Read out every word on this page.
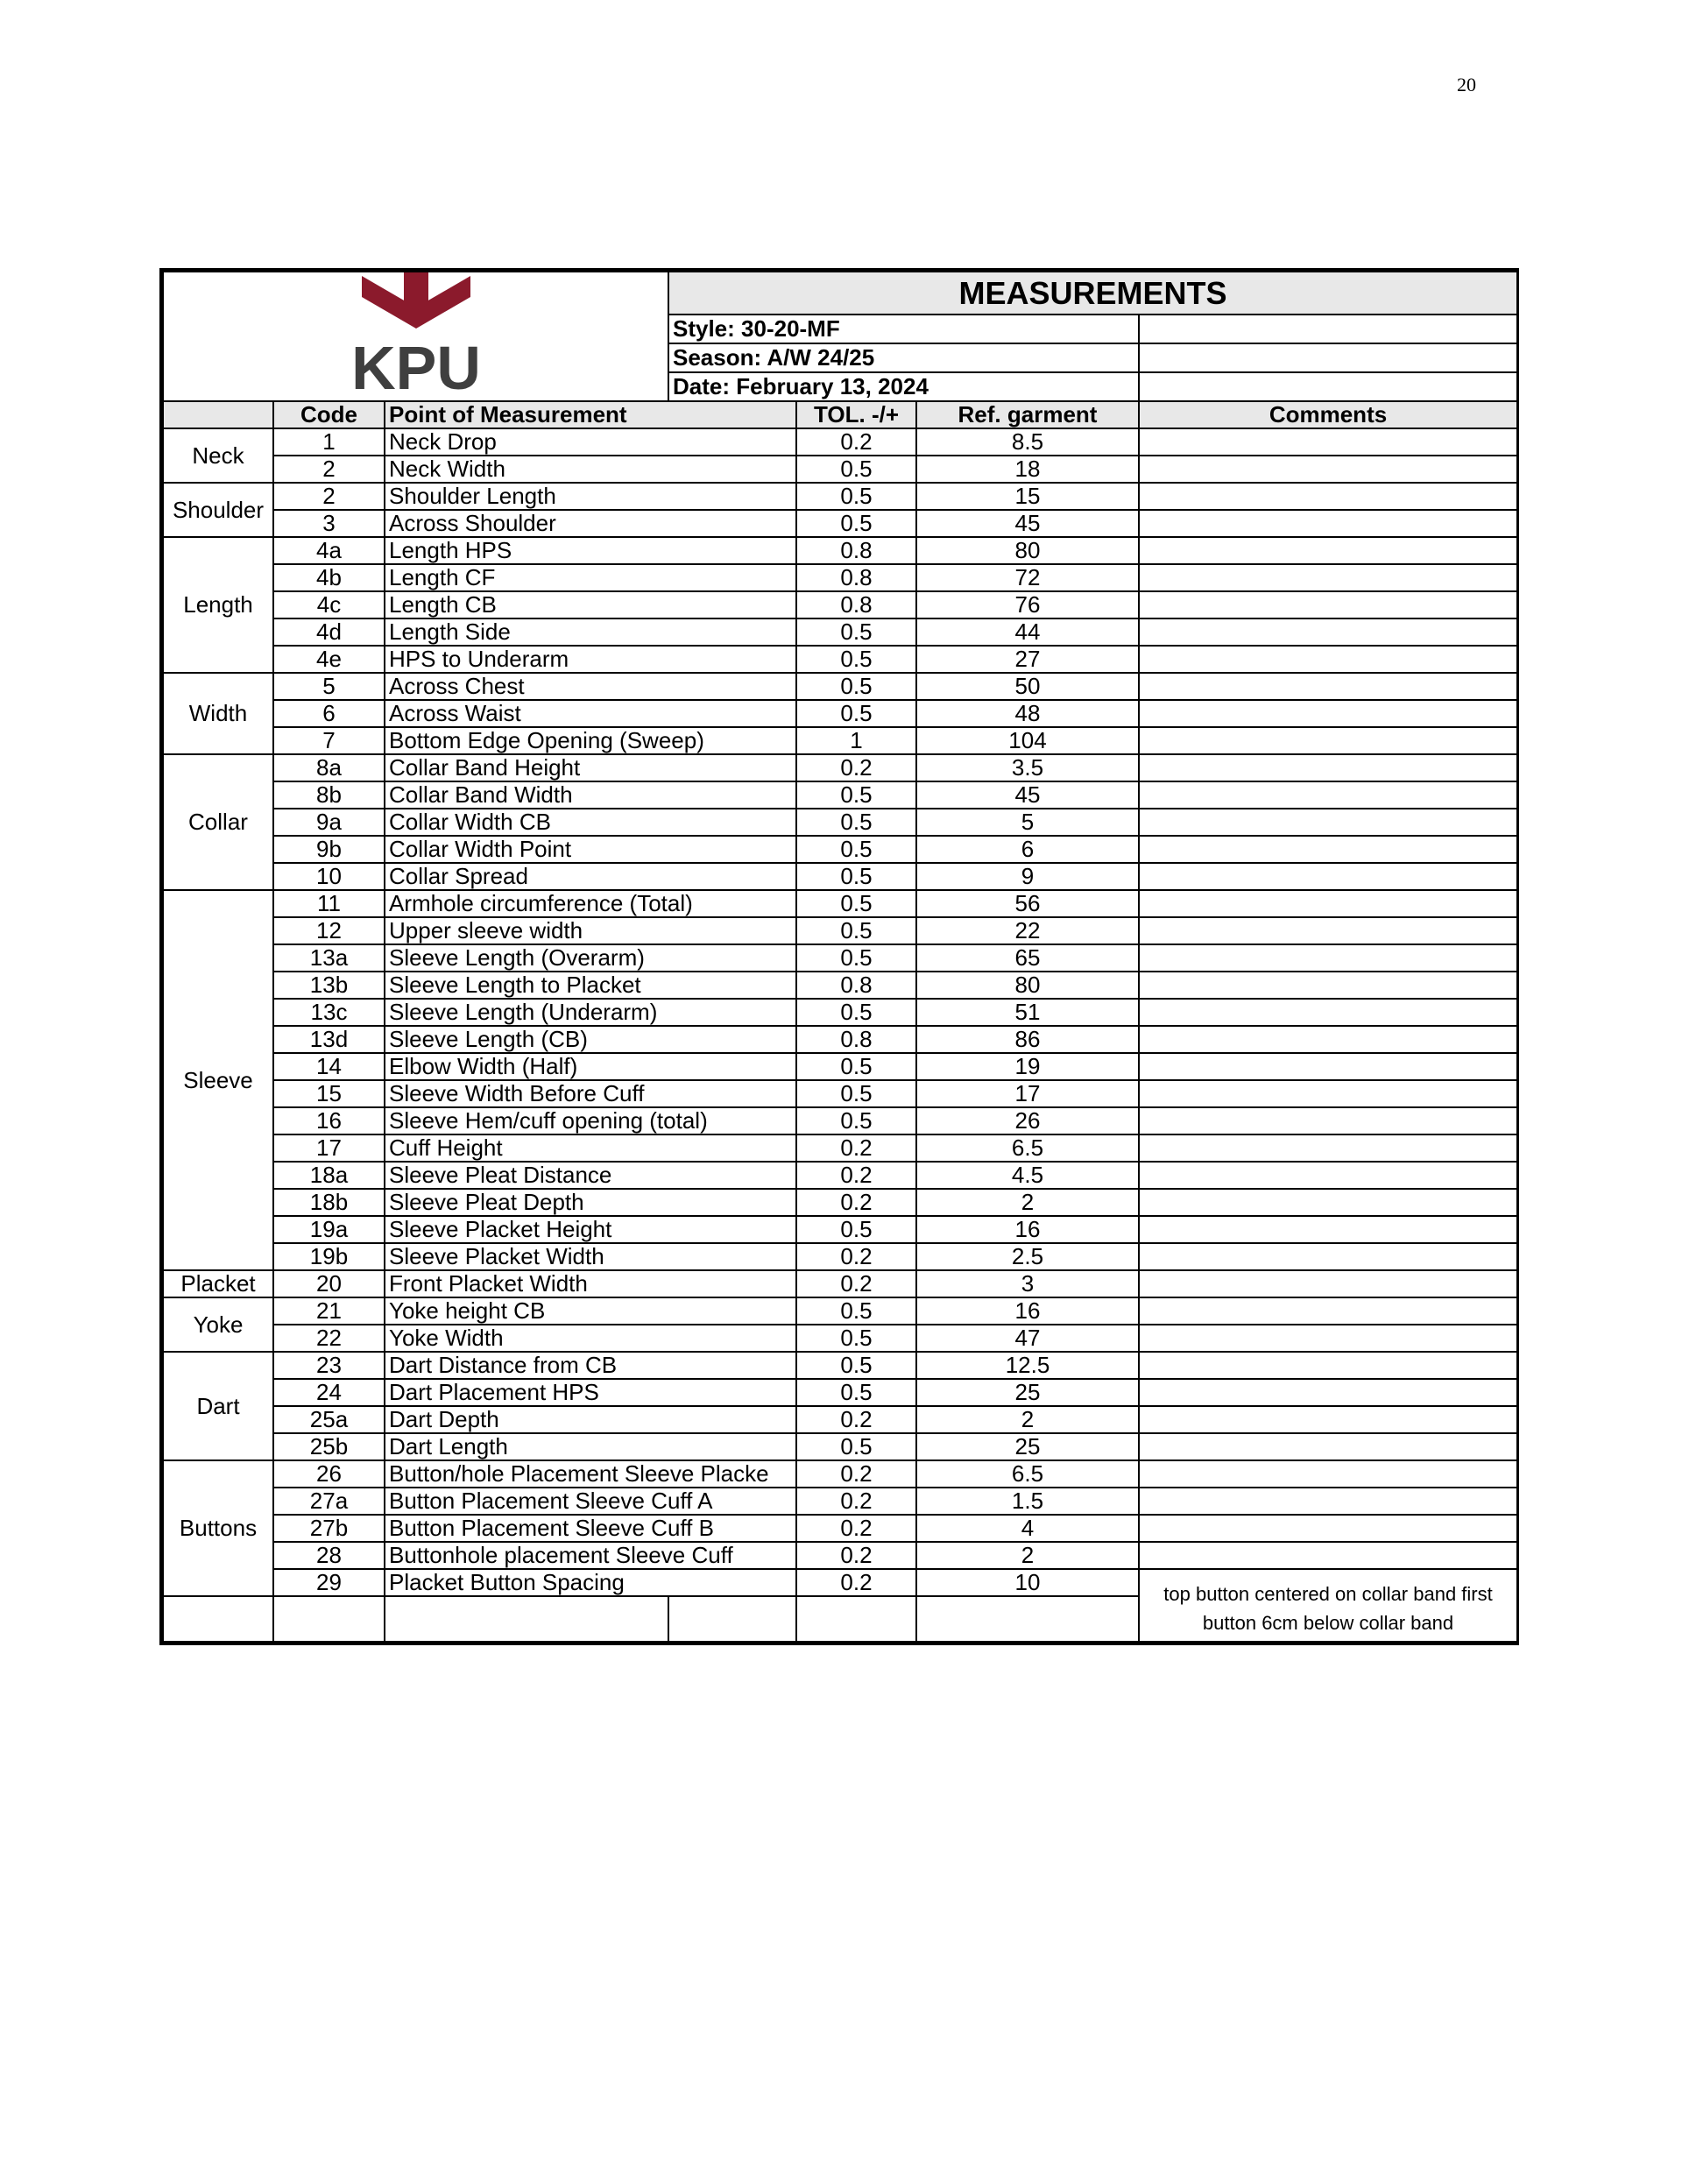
20
KPU			MEASUREMENTS			
			Style: 30-20-MF			
			Season: A/W 24/25			
			Date: February 13, 2024			
	Code	Point of Measurement		TOL. -/+	Ref. garment	Comments
Neck	1	Neck Drop		0.2	8.5	
	2	Neck Width		0.5	18	
Shoulder	2	Shoulder Length		0.5	15	
	3	Across Shoulder		0.5	45	
Length	4a	Length HPS		0.8	80	
	4b	Length CF		0.8	72	
	4c	Length CB		0.8	76	
	4d	Length Side		0.5	44	
	4e	HPS to Underarm		0.5	27	
Width	5	Across Chest		0.5	50	
	6	Across Waist		0.5	48	
	7	Bottom Edge Opening (Sweep)		1	104	
Collar	8a	Collar Band Height		0.2	3.5	
	8b	Collar Band Width		0.5	45	
	9a	Collar Width CB		0.5	5	
	9b	Collar Width Point		0.5	6	
	10	Collar Spread		0.5	9	
Sleeve	11	Armhole circumference (Total)		0.5	56	
	12	Upper sleeve width		0.5	22	
	13a	Sleeve Length (Overarm)		0.5	65	
	13b	Sleeve Length to Placket		0.8	80	
	13c	Sleeve Length (Underarm)		0.5	51	
	13d	Sleeve Length (CB)		0.8	86	
	14	Elbow Width (Half)		0.5	19	
	15	Sleeve Width Before Cuff		0.5	17	
	16	Sleeve Hem/cuff opening (total)		0.5	26	
	17	Cuff Height		0.2	6.5	
	18a	Sleeve Pleat Distance		0.2	4.5	
	18b	Sleeve Pleat Depth		0.2	2	
	19a	Sleeve Placket Height		0.5	16	
	19b	Sleeve Placket Width		0.2	2.5	
Placket	20	Front Placket Width		0.2	3	
Yoke	21	Yoke height CB		0.5	16	
	22	Yoke Width		0.5	47	
Dart	23	Dart Distance from CB		0.5	12.5	
	24	Dart Placement HPS		0.5	25	
	25a	Dart Depth		0.2	2	
	25b	Dart Length		0.5	25	
Buttons	26	Button/hole Placement Sleeve Placke		0.2	6.5	
	27a	Button Placement Sleeve Cuff A		0.2	1.5	
	27b	Button Placement Sleeve Cuff B		0.2	4	
	28	Buttonhole placement Sleeve Cuff		0.2	2	
	29	Placket Button Spacing		0.2	10	top button centered on collar band first button 6cm below collar band
